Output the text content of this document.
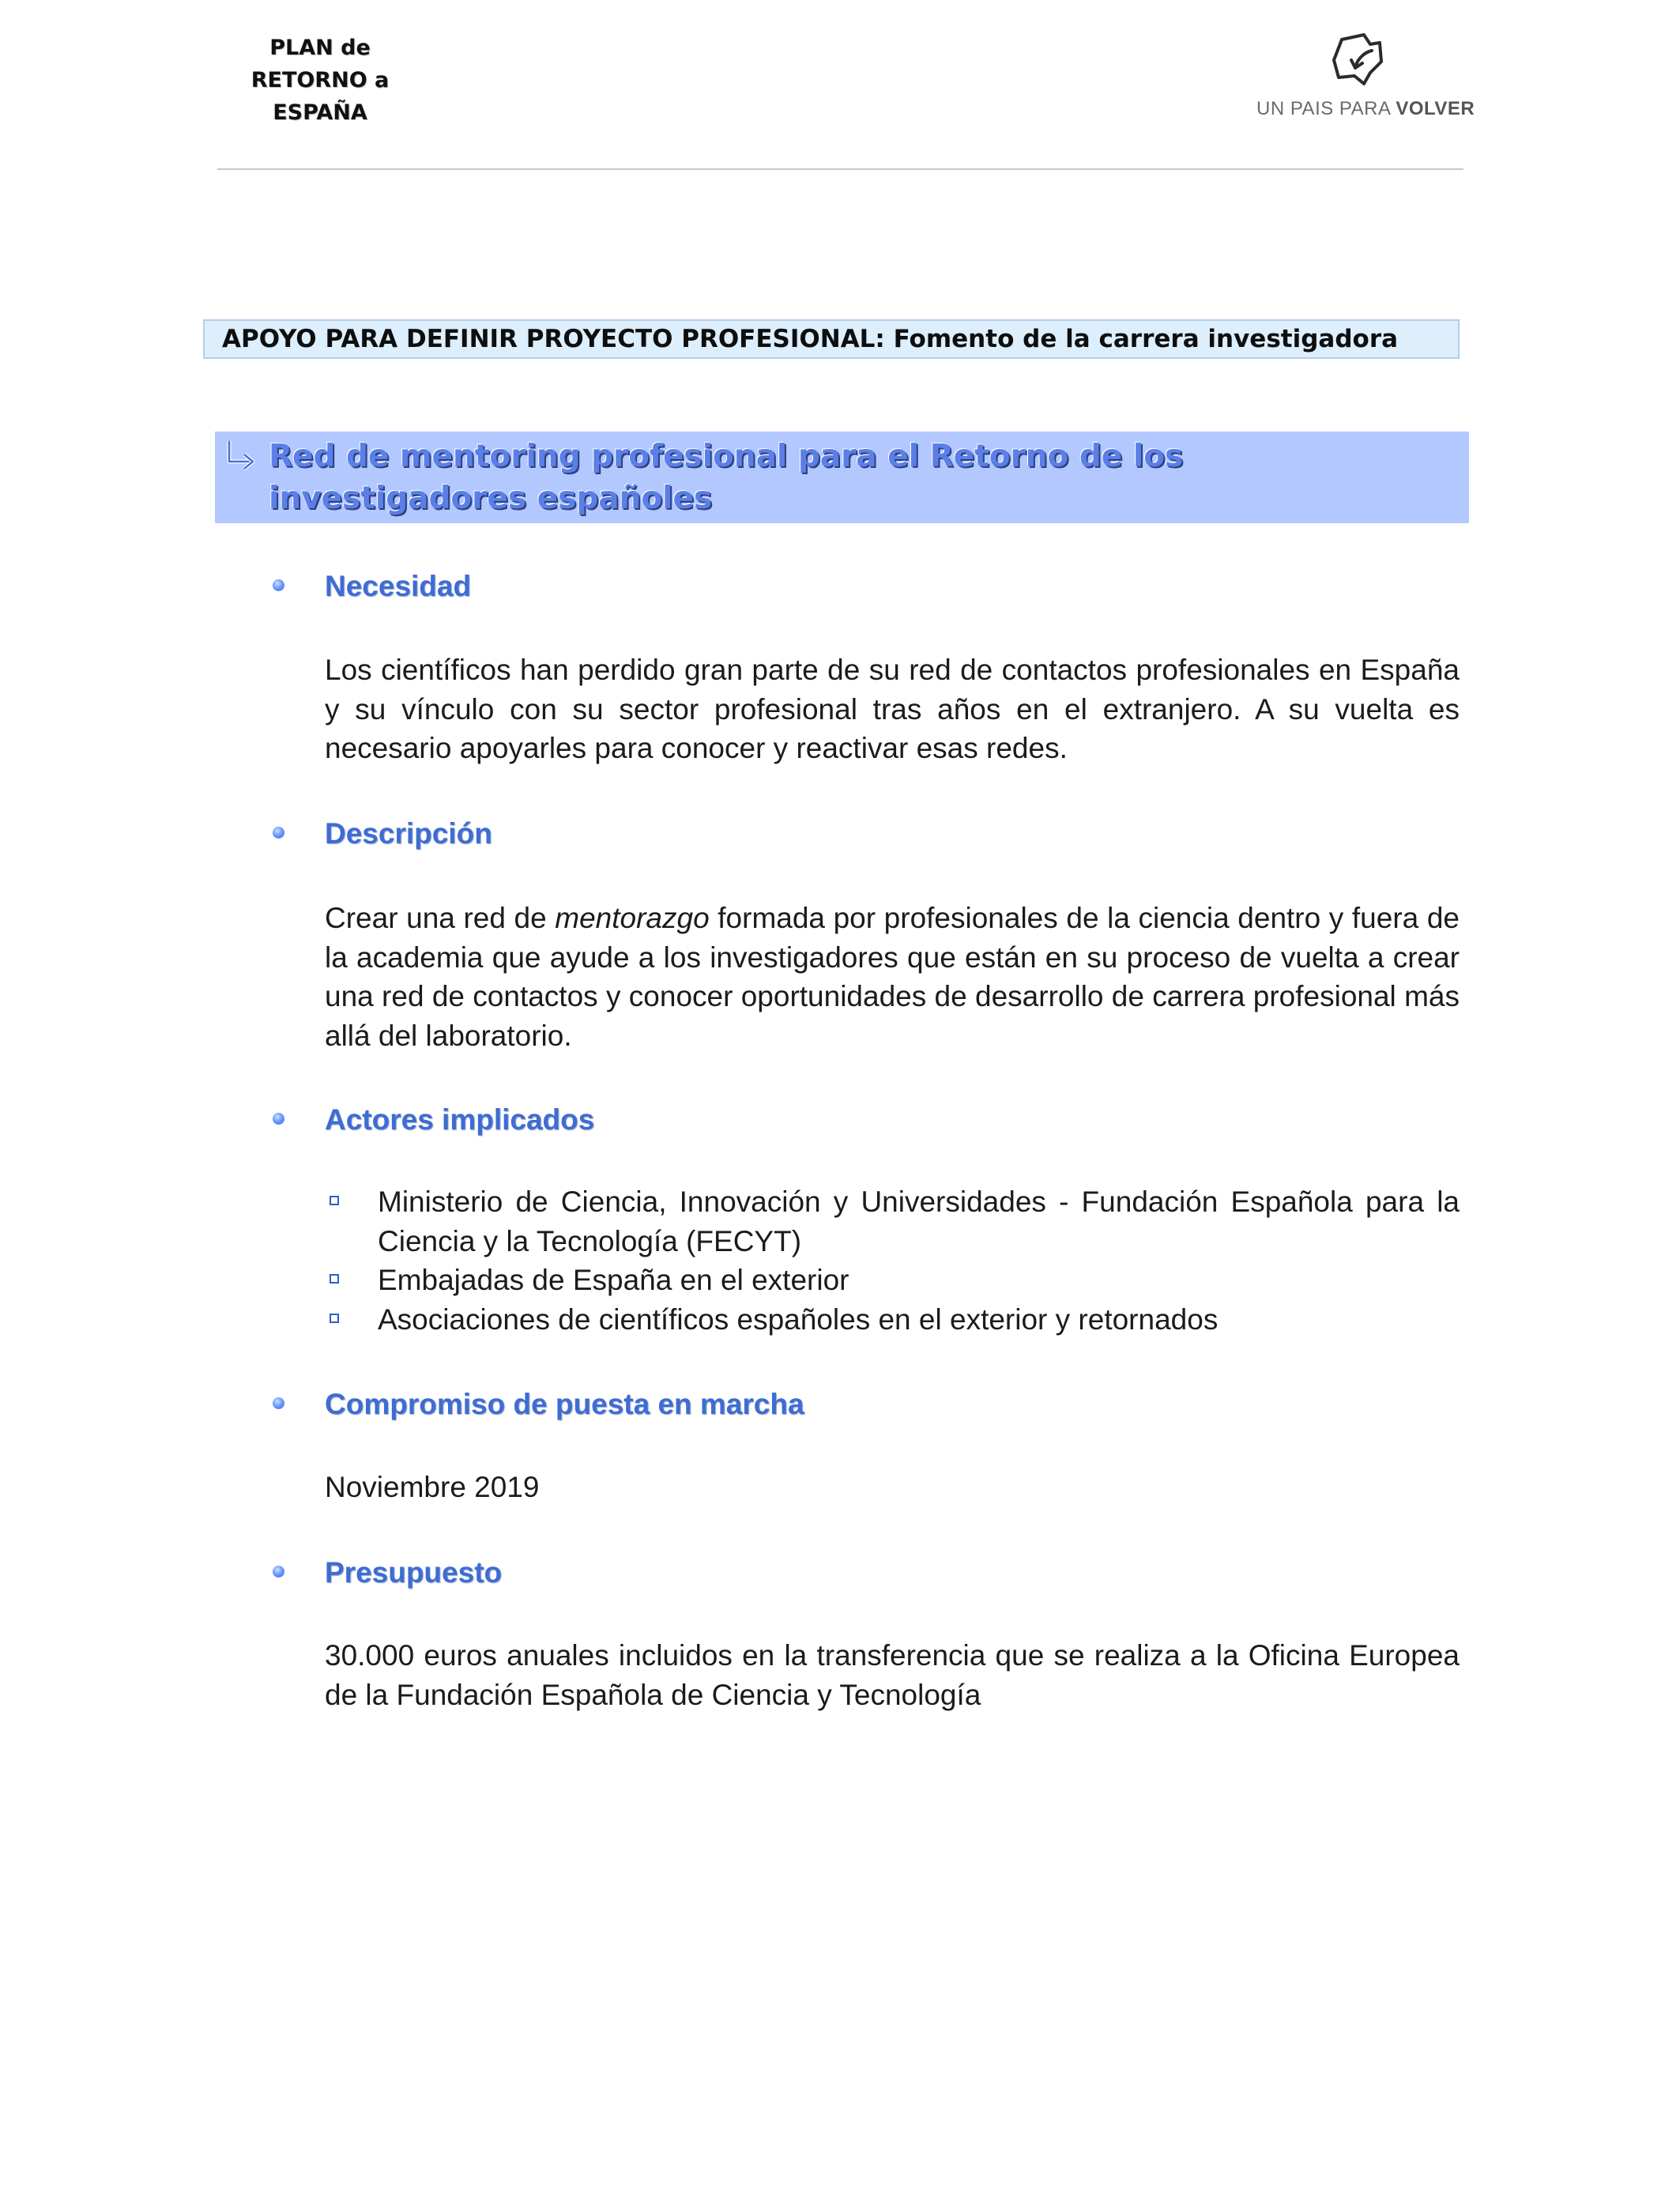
PLAN de
RETORNO a
ESPAÑA	UN PAIS PARA VOLVER
APOYO PARA DEFINIR PROYECTO PROFESIONAL: Fomento de la carrera investigadora
Red de mentoring profesional para el Retorno de los investigadores españoles
Necesidad
Los científicos han perdido gran parte de su red de contactos profesionales en España y su vínculo con su sector profesional tras años en el extranjero. A su vuelta es necesario apoyarles para conocer y reactivar esas redes.
Descripción
Crear una red de mentorazgo formada por profesionales de la ciencia dentro y fuera de la academia que ayude a los investigadores que están en su proceso de vuelta a crear una red de contactos y conocer oportunidades de desarrollo de carrera profesional más allá del laboratorio.
Actores implicados
Ministerio de Ciencia, Innovación y Universidades - Fundación Española para la Ciencia y la Tecnología (FECYT)
Embajadas de España en el exterior
Asociaciones de científicos españoles en el exterior y retornados
Compromiso de puesta en marcha
Noviembre 2019
Presupuesto
30.000 euros anuales incluidos en la transferencia que se realiza a la Oficina Europea de la Fundación Española de Ciencia y Tecnología
